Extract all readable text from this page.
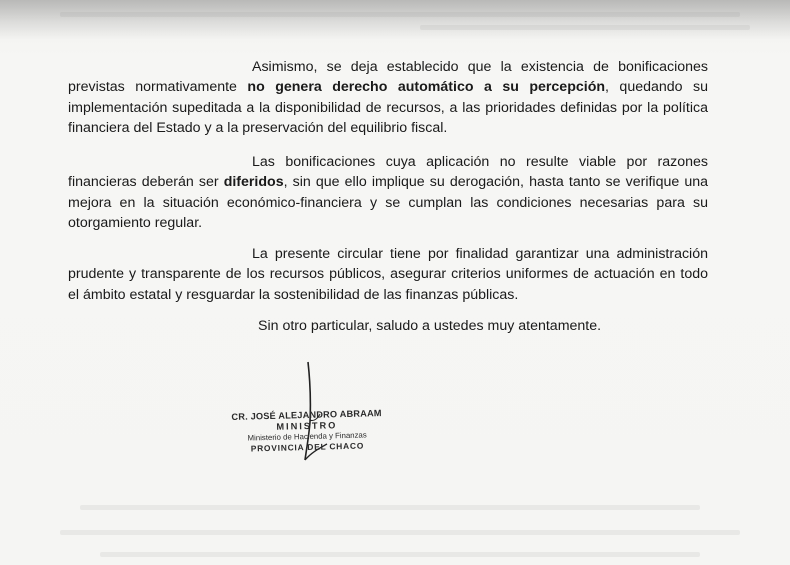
Asimismo, se deja establecido que la existencia de bonificaciones previstas normativamente no genera derecho automático a su percepción, quedando su implementación supeditada a la disponibilidad de recursos, a las prioridades definidas por la política financiera del Estado y a la preservación del equilibrio fiscal.

Las bonificaciones cuya aplicación no resulte viable por razones financieras deberán ser diferidos, sin que ello implique su derogación, hasta tanto se verifique una mejora en la situación económico-financiera y se cumplan las condiciones necesarias para su otorgamiento regular.

La presente circular tiene por finalidad garantizar una administración prudente y transparente de los recursos públicos, asegurar criterios uniformes de actuación en todo el ámbito estatal y resguardar la sostenibilidad de las finanzas públicas.

Sin otro particular, saludo a ustedes muy atentamente.

CR. JOSÉ ALEJANDRO ABRAAM
MINISTRO
Ministerio de Hacienda y Finanzas
PROVINCIA DEL CHACO
